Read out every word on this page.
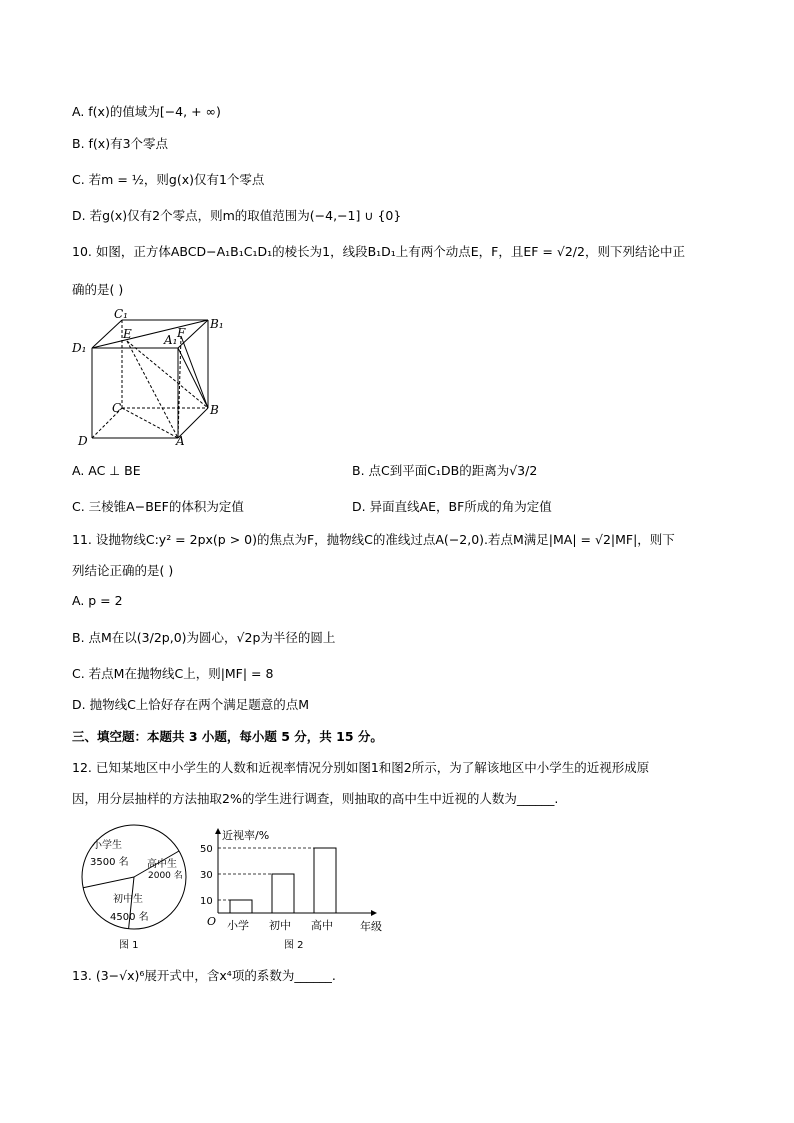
A. f(x)的值域为[−4, + ∞)
B. f(x)有3个零点
C. 若m = ½，则g(x)仅有1个零点
D. 若g(x)仅有2个零点，则m的取值范围为(−4,−1] ∪ {0}
10. 如图，正方体ABCD−A₁B₁C₁D₁的棱长为1，线段B₁D₁上有两个动点E，F，且EF = √2/2，则下列结论中正
确的是( )
C₁
B₁
D₁
A₁
E	F
C	B
D	A
A. AC ⊥ BE	B. 点C到平面C₁DB的距离为√3/2
C. 三棱锥A−BEF的体积为定值	D. 异面直线AE，BF所成的角为定值
11. 设抛物线C:y² = 2px(p > 0)的焦点为F，抛物线C的准线过点A(−2,0).若点M满足|MA| = √2|MF|，则下
列结论正确的是( )
A. p = 2
B. 点M在以(3/2p,0)为圆心，√2p为半径的圆上
C. 若点M在抛物线C上，则|MF| = 8
D. 抛物线C上恰好存在两个满足题意的点M
三、填空题：本题共 3 小题，每小题 5 分，共 15 分。
12. 已知某地区中小学生的人数和近视率情况分别如图1和图2所示，为了解该地区中小学生的近视形成原
因，用分层抽样的方法抽取2%的学生进行调查，则抽取的高中生中近视的人数为______.
小学生
3500 名 高中生
2000 名
初中生
4500 名
图 1
近视率/%
年级
O 小学 初中 高中
10
30
50
图 2
13. (3−√x)⁶展开式中，含x⁴项的系数为______.
